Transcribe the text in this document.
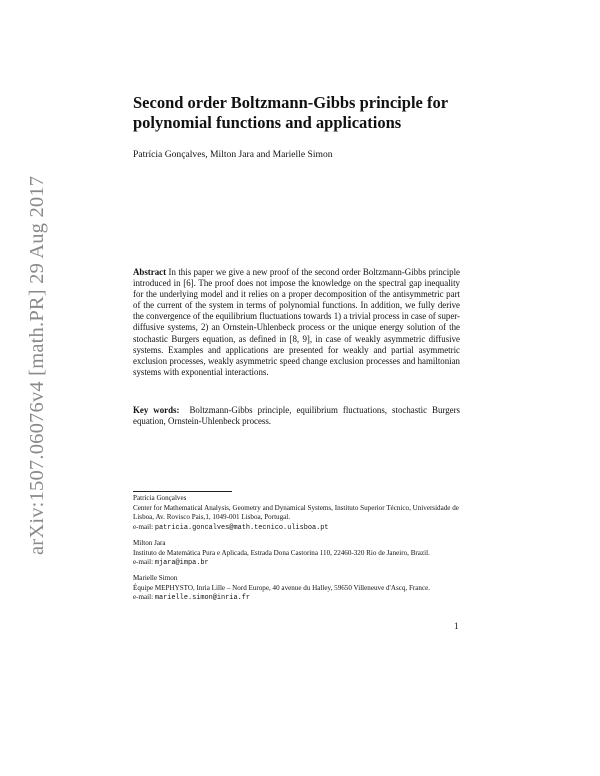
arXiv:1507.06076v4 [math.PR] 29 Aug 2017
Second order Boltzmann-Gibbs principle for polynomial functions and applications
Patrícia Gonçalves, Milton Jara and Marielle Simon

Abstract In this paper we give a new proof of the second order Boltzmann-Gibbs principle introduced in [6]. The proof does not impose the knowledge on the spectral gap inequality for the underlying model and it relies on a proper decomposition of the antisymmetric part of the current of the system in terms of polynomial functions. In addition, we fully derive the convergence of the equilibrium fluctuations towards 1) a trivial process in case of super-diffusive systems, 2) an Ornstein-Uhlenbeck process or the unique energy solution of the stochastic Burgers equation, as defined in [8, 9], in case of weakly asymmetric diffusive systems. Examples and applications are presented for weakly and partial asymmetric exclusion processes, weakly asymmetric speed change exclusion processes and hamiltonian systems with exponential interactions.

Key words: Boltzmann-Gibbs principle, equilibrium fluctuations, stochastic Burgers equation, Ornstein-Uhlenbeck process.

Patrícia Gonçalves
Center for Mathematical Analysis, Geometry and Dynamical Systems, Instituto Superior Técnico, Universidade de Lisboa, Av. Rovisco Pais,1, 1049-001 Lisboa, Portugal.
e-mail: patricia.goncalves@math.tecnico.ulisboa.pt
Milton Jara
Instituto de Matemática Pura e Aplicada, Estrada Dona Castorina 110, 22460-320 Rio de Janeiro, Brazil.
e-mail: mjara@impa.br
Marielle Simon
Équipe MEPHYSTO, Inria Lille – Nord Europe, 40 avenue du Halley, 59650 Villeneuve d'Ascq, France.
e-mail: marielle.simon@inria.fr
1
